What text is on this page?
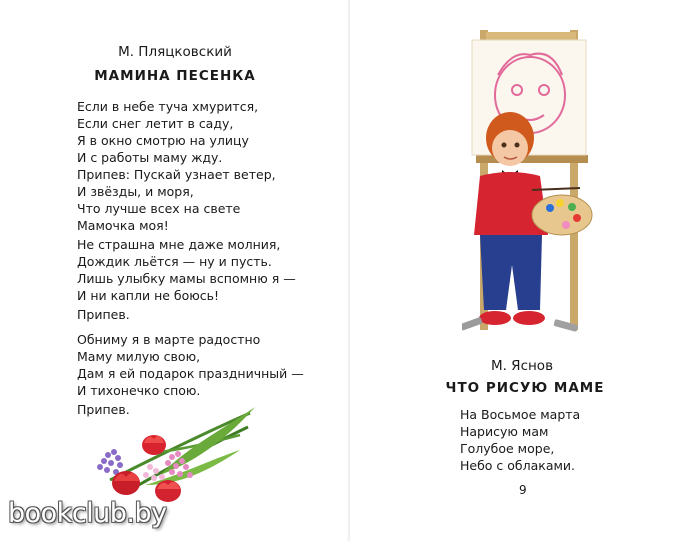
М. Пляцковский
МАМИНА ПЕСЕНКА
Если в небе туча хмурится,
Если снег летит в саду,
Я в окно смотрю на улицу
И с работы маму жду.
Припев: Пускай узнает ветер,
И звёзды, и моря,
Что лучше всех на свете
Мамочка моя!
Не страшна мне даже молния,
Дождик льётся — ну и пусть.
Лишь улыбку мамы вспомню я —
И ни капли не боюсь!
Припев.
Обниму я в марте радостно
Маму милую свою,
Дам я ей подарок праздничный —
И тихонечко спою.
Припев.
bookclub.by
М. Яснов
ЧТО РИСУЮ МАМЕ
На Восьмое марта
Нарисую мам
Голубое море,
Небо с облаками.
9
